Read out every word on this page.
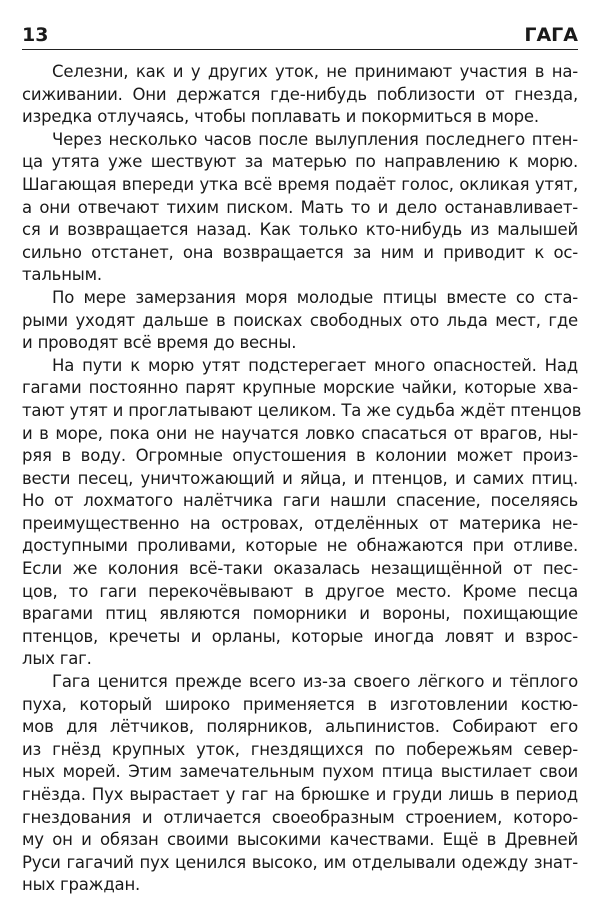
13	ГАГА
Селезни, как и у других уток, не принимают участия в на-
сиживании. Они держатся где-нибудь поблизости от гнезда,
изредка отлучаясь, чтобы поплавать и покормиться в море.
Через несколько часов после вылупления последнего птен-
ца утята уже шествуют за матерью по направлению к морю.
Шагающая впереди утка всё время подаёт голос, окликая утят,
а они отвечают тихим писком. Мать то и дело останавливает-
ся и возвращается назад. Как только кто-нибудь из малышей
сильно отстанет, она возвращается за ним и приводит к ос-
тальным.
По мере замерзания моря молодые птицы вместе со ста-
рыми уходят дальше в поисках свободных ото льда мест, где
и проводят всё время до весны.
На пути к морю утят подстерегает много опасностей. Над
гагами постоянно парят крупные морские чайки, которые хва-
тают утят и проглатывают целиком. Та же судьба ждёт птенцов
и в море, пока они не научатся ловко спасаться от врагов, ны-
ряя в воду. Огромные опустошения в колонии может произ-
вести песец, уничтожающий и яйца, и птенцов, и самих птиц.
Но от лохматого налётчика гаги нашли спасение, поселяясь
преимущественно на островах, отделённых от материка не-
доступными проливами, которые не обнажаются при отливе.
Если же колония всё-таки оказалась незащищённой от пес-
цов, то гаги перекочёвывают в другое место. Кроме песца
врагами птиц являются поморники и вороны, похищающие
птенцов, кречеты и орланы, которые иногда ловят и взрос-
лых гаг.
Гага ценится прежде всего из-за своего лёгкого и тёплого
пуха, который широко применяется в изготовлении костю-
мов для лётчиков, полярников, альпинистов. Собирают его
из гнёзд крупных уток, гнездящихся по побережьям север-
ных морей. Этим замечательным пухом птица выстилает свои
гнёзда. Пух вырастает у гаг на брюшке и груди лишь в период
гнездования и отличается своеобразным строением, которо-
му он и обязан своими высокими качествами. Ещё в Древней
Руси гагачий пух ценился высоко, им отделывали одежду знат-
ных граждан.
